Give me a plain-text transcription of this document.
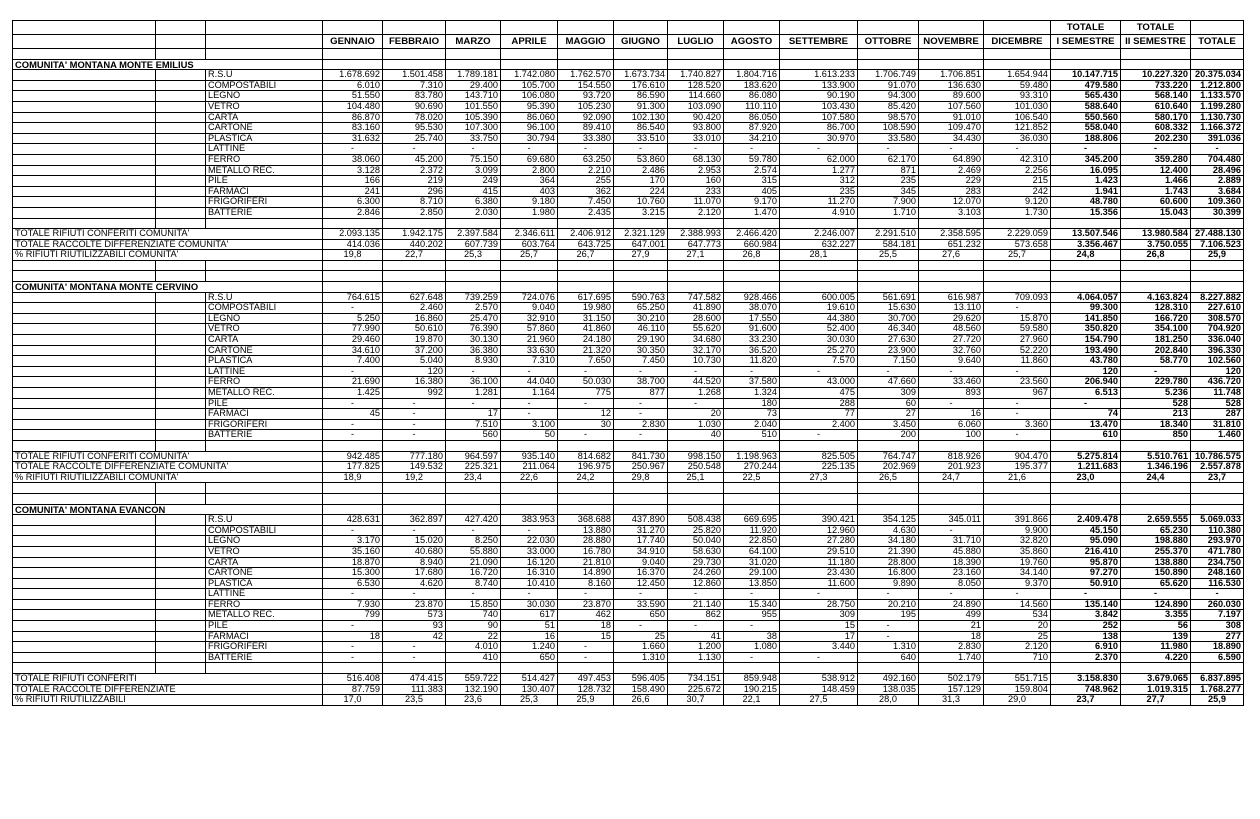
															TOTALE	TOTALE	
			GENNAIO	FEBBRAIO	MARZO	APRILE	MAGGIO	GIUGNO	LUGLIO	AGOSTO	SETTEMBRE	OTTOBRE	NOVEMBRE	DICEMBRE	I SEMESTRE	II SEMESTRE	TOTALE

COMUNITA' MONTANA MONTE EMILIUS																	
		R.S.U	1.678.692	1.501.458	1.789.181	1.742.080	1.762.570	1.673.734	1.740.827	1.804.716	1.613.233	1.706.749	1.706.851	1.654.944	10.147.715	10.227.320	20.375.034
		COMPOSTABILI	6.010	7.310	29.400	105.700	154.550	176.610	128.520	183.620	133.900	91.070	136.630	59.480	479.580	733.220	1.212.800
		LEGNO	51.550	83.780	143.710	106.080	93.720	86.590	114.660	86.080	90.190	94.300	89.600	93.310	565.430	568.140	1.133.570
		VETRO	104.480	90.690	101.550	95.390	105.230	91.300	103.090	110.110	103.430	85.420	107.560	101.030	588.640	610.640	1.199.280
		CARTA	86.870	78.020	105.390	86.060	92.090	102.130	90.420	86.050	107.580	98.570	91.010	106.540	550.560	580.170	1.130.730
		CARTONE	83.160	95.530	107.300	96.100	89.410	86.540	93.800	87.920	86.700	108.590	109.470	121.852	558.040	608.332	1.166.372
		PLASTICA	31.632	25.740	33.750	30.794	33.380	33.510	33.010	34.210	30.970	33.580	34.430	36.030	188.806	202.230	391.036
		LATTINE	-	-	-	-	-	-	-	-	-	-	-	-	-	-	-
		FERRO	38.060	45.200	75.150	69.680	63.250	53.860	68.130	59.780	62.000	62.170	64.890	42.310	345.200	359.280	704.480
		METALLO REC.	3.128	2.372	3.099	2.800	2.210	2.486	2.953	2.574	1.277	871	2.469	2.256	16.095	12.400	28.496
		PILE	166	219	249	364	255	170	160	315	312	235	229	215	1.423	1.466	2.889
		FARMACI	241	296	415	403	362	224	233	405	235	345	283	242	1.941	1.743	3.684
		FRIGORIFERI	6.300	8.710	6.380	9.180	7.450	10.760	11.070	9.170	11.270	7.900	12.070	9.120	48.780	60.600	109.360
		BATTERIE	2.846	2.850	2.030	1.980	2.435	3.215	2.120	1.470	4.910	1.710	3.103	1.730	15.356	15.043	30.399

TOTALE RIFIUTI CONFERITI COMUNITA'			2.093.135	1.942.175	2.397.584	2.346.611	2.406.912	2.321.129	2.388.993	2.466.420	2.246.007	2.291.510	2.358.595	2.229.059	13.507.546	13.980.584	27.488.130
TOTALE RACCOLTE DIFFERENZIATE COMUNITA'			414.036	440.202	607.739	603.764	643.725	647.001	647.773	660.984	632.227	584.181	651.232	573.658	3.356.467	3.750.055	7.106.523
% RIFIUTI RIUTILIZZABILI COMUNITA'			19,8	22,7	25,3	25,7	26,7	27,9	27,1	26,8	28,1	25,5	27,6	25,7	24,8	26,8	25,9

COMUNITA' MONTANA MONTE CERVINO																	
		R.S.U	764.615	627.648	739.259	724.076	617.695	590.763	747.582	928.466	600.005	561.691	616.987	709.093	4.064.057	4.163.824	8.227.882
		COMPOSTABILI	-	2.460	2.570	9.040	19.980	65.250	41.890	38.070	19.610	15.630	13.110	-	99.300	128.310	227.610
		LEGNO	5.250	16.860	25.470	32.910	31.150	30.210	28.600	17.550	44.380	30.700	29.620	15.870	141.850	166.720	308.570
		VETRO	77.990	50.610	76.390	57.860	41.860	46.110	55.620	91.600	52.400	46.340	48.560	59.580	350.820	354.100	704.920
		CARTA	29.460	19.870	30.130	21.960	24.180	29.190	34.680	33.230	30.030	27.630	27.720	27.960	154.790	181.250	336.040
		CARTONE	34.610	37.200	36.380	33.630	21.320	30.350	32.170	36.520	25.270	23.900	32.760	52.220	193.490	202.840	396.330
		PLASTICA	7.400	5.040	8.930	7.310	7.650	7.450	10.730	11.820	7.570	7.150	9.640	11.860	43.780	58.770	102.560
		LATTINE	-	120	-	-	-	-	-	-	-	-	-	-	120	-	120
		FERRO	21.690	16.380	36.100	44.040	50.030	38.700	44.520	37.580	43.000	47.660	33.460	23.560	206.940	229.780	436.720
		METALLO REC.	1.425	992	1.281	1.164	775	877	1.268	1.324	475	309	893	967	6.513	5.236	11.748
		PILE	-	-	-	-	-	-	-	180	288	60	-	-	-	528	528
		FARMACI	45	-	17	-	12	-	20	73	77	27	16	-	74	213	287
		FRIGORIFERI	-	-	7.510	3.100	30	2.830	1.030	2.040	2.400	3.450	6.060	3.360	13.470	18.340	31.810
		BATTERIE	-	-	560	50	-	-	40	510	-	200	100	-	610	850	1.460

TOTALE RIFIUTI CONFERITI COMUNITA'			942.485	777.180	964.597	935.140	814.682	841.730	998.150	1.198.963	825.505	764.747	818.926	904.470	5.275.814	5.510.761	10.786.575
TOTALE RACCOLTE DIFFERENZIATE COMUNITA'			177.825	149.532	225.321	211.064	196.975	250.967	250.548	270.244	225.135	202.969	201.923	195.377	1.211.683	1.346.196	2.557.878
% RIFIUTI RIUTILIZZABILI COMUNITA'			18,9	19,2	23,4	22,6	24,2	29,8	25,1	22,5	27,3	26,5	24,7	21,6	23,0	24,4	23,7

COMUNITA' MONTANA EVANCON																	
		R.S.U	428.631	362.897	427.420	383.953	368.688	437.890	508.438	669.695	390.421	354.125	345.011	391.866	2.409.478	2.659.555	5.069.033
		COMPOSTABILI	-	-	-	-	13.880	31.270	25.820	11.920	12.960	4.630	-	9.900	45.150	65.230	110.380
		LEGNO	3.170	15.020	8.250	22.030	28.880	17.740	50.040	22.850	27.280	34.180	31.710	32.820	95.090	198.880	293.970
		VETRO	35.160	40.680	55.880	33.000	16.780	34.910	58.630	64.100	29.510	21.390	45.880	35.860	216.410	255.370	471.780
		CARTA	18.870	8.940	21.090	16.120	21.810	9.040	29.730	31.020	11.180	28.800	18.390	19.760	95.870	138.880	234.750
		CARTONE	15.300	17.680	16.720	16.310	14.890	16.370	24.260	29.100	23.430	16.800	23.160	34.140	97.270	150.890	248.160
		PLASTICA	6.530	4.620	8.740	10.410	8.160	12.450	12.860	13.850	11.600	9.890	8.050	9.370	50.910	65.620	116.530
		LATTINE	-	-	-	-	-	-	-	-	-	-	-	-	-	-	-
		FERRO	7.930	23.870	15.850	30.030	23.870	33.590	21.140	15.340	28.750	20.210	24.890	14.560	135.140	124.890	260.030
		METALLO REC.	799	573	740	617	462	650	862	955	309	195	499	534	3.842	3.355	7.197
		PILE	-	93	90	51	18	-	-	-	15	-	21	20	252	56	308
		FARMACI	18	42	22	16	15	25	41	38	17	-	18	25	138	139	277
		FRIGORIFERI	-	-	4.010	1.240	-	1.660	1.200	1.080	3.440	1.310	2.830	2.120	6.910	11.980	18.890
		BATTERIE	-	-	410	650	-	1.310	1.130	-	-	640	1.740	710	2.370	4.220	6.590

TOTALE RIFIUTI CONFERITI			516.408	474.415	559.722	514.427	497.453	596.405	734.151	859.948	538.912	492.160	502.179	551.715	3.158.830	3.679.065	6.837.895
TOTALE RACCOLTE DIFFERENZIATE			87.759	111.383	132.190	130.407	128.732	158.490	225.672	190.215	148.459	138.035	157.129	159.804	748.962	1.019.315	1.768.277
% RIFIUTI RIUTILIZZABILI			17,0	23,5	23,6	25,3	25,9	26,6	30,7	22,1	27,5	28,0	31,3	29,0	23,7	27,7	25,9
